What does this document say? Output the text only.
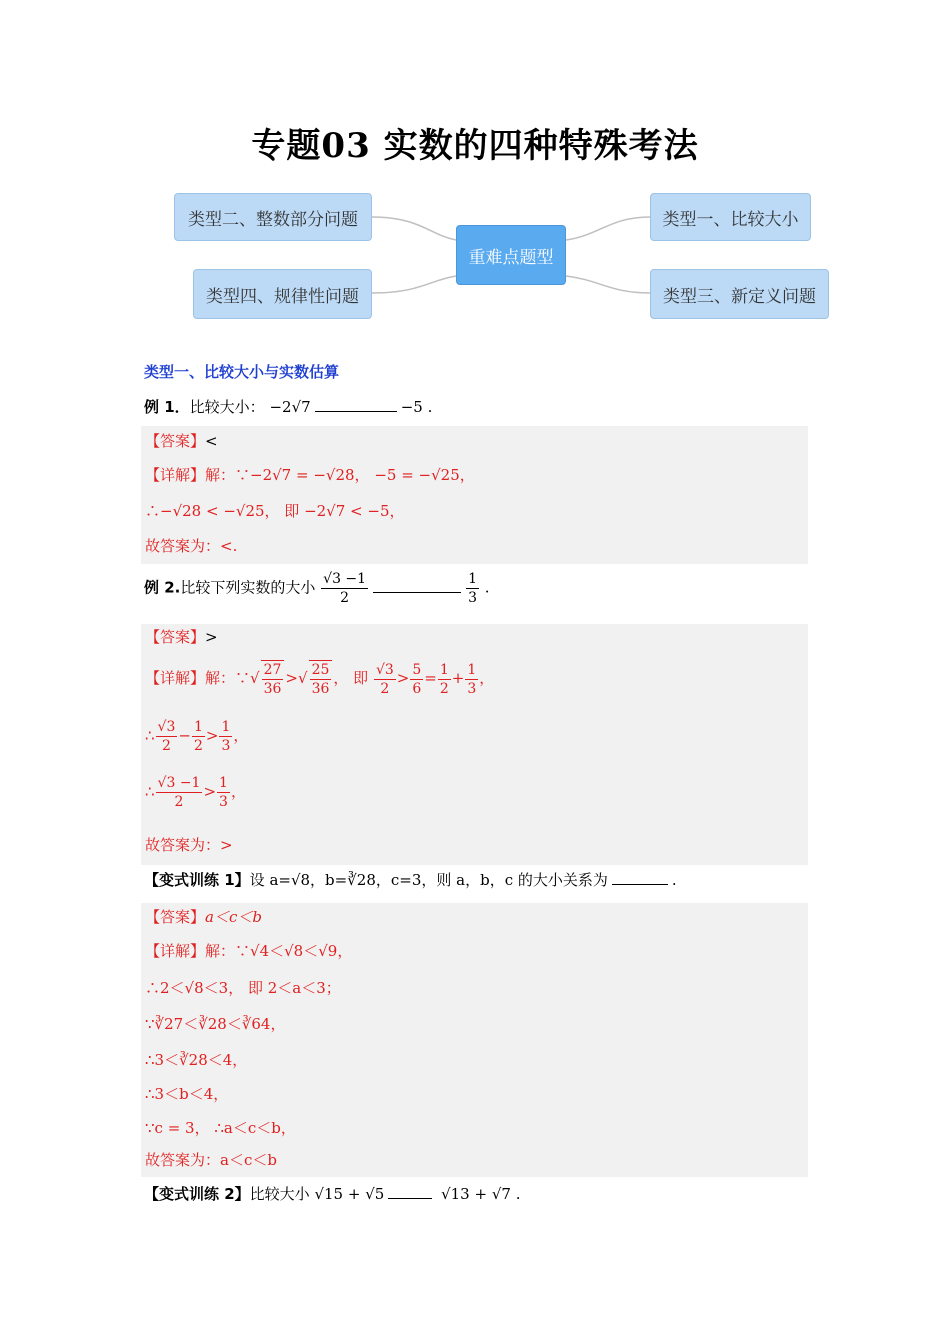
专题03 实数的四种特殊考法
类型二、整数部分问题
类型四、规律性问题
重难点题型
类型一、比较大小
类型三、新定义问题
类型一、比较大小与实数估算
例 1．比较大小： −2√7	−5 .
【答案】<
【详解】解：∵−2√7 = −√28， −5 = −√25，
∴−√28 < −√25， 即 −2√7 < −5，
故答案为：<.
例 2.比较下列实数的大小 $\frac{√3 -1}{2}$	$\frac{1}{3}$ .
【答案】>
【详解】解：∵√ $\frac{27}{36}$ >√ $\frac{25}{36}$ ， 即 $\frac{√3}{2} > \frac{5}{6} = \frac{1}{2} + \frac{1}{3}$ ，
∴ $\frac{√3}{2} - \frac{1}{2} > \frac{1}{3}$ ，
∴ $\frac{√3 -1}{2} > \frac{1}{3}$ ，
故答案为：>
【变式训练 1】设 a=√8，b=∛28，c=3，则 a，b，c 的大小关系为	.
【答案】a＜c＜b
【详解】解：∵√4＜√8＜√9，
∴2＜√8＜3， 即 2＜a＜3；
∵∛27＜∛28＜∛64，
∴3＜∛28＜4，
∴3＜b＜4，
∵c = 3， ∴a＜c＜b，
故答案为：a＜c＜b
【变式训练 2】比较大小 √15 + √5	√13 + √7 .
